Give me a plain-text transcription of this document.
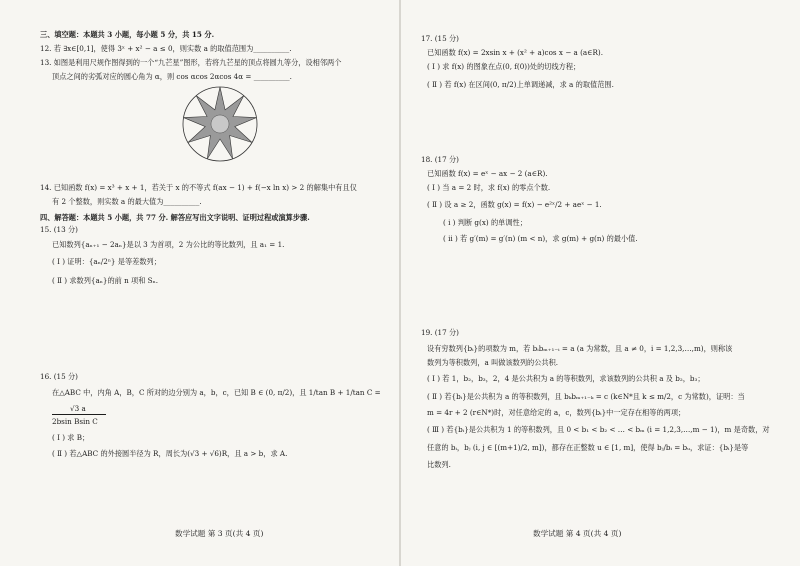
三、填空题：本题共 3 小题，每小题 5 分，共 15 分.
12. 若 ∃x∈[0,1]，使得 3ˣ + x² − a ≤ 0，则实数 a 的取值范围为__________.
13. 如图是利用尺规作图得到的一个“九芒星”图形，若将九芒星的顶点将圆九等分，设相邻两个
顶点之间的劣弧对应的圆心角为 α，则 cos αcos 2αcos 4α = __________.
14. 已知函数 f(x) = x³ + x + 1，若关于 x 的不等式 f(ax − 1) + f(−x ln x) > 2 的解集中有且仅
有 2 个整数，则实数 a 的最大值为__________.
四、解答题：本题共 5 小题，共 77 分. 解答应写出文字说明、证明过程或演算步骤.
15. (13 分)
已知数列{aₙ₊₁ − 2aₙ}是以 3 为首项，2 为公比的等比数列，且 a₁ = 1.
( Ⅰ ) 证明：{aₙ/2ⁿ} 是等差数列；
( Ⅱ ) 求数列{aₙ}的前 n 项和 Sₙ.
16. (15 分)
在△ABC 中，内角 A，B，C 所对的边分别为 a，b，c，已知 B ∈ (0, π/2)，且 1/tan B + 1/tan C =
√3 a
2bsin Bsin C
( Ⅰ ) 求 B；
( Ⅱ ) 若△ABC 的外接圆半径为 R，周长为(√3 + √6)R，且 a > b，求 A.
数学试题 第 3 页(共 4 页)
17. (15 分)
已知函数 f(x) = 2xsin x + (x² + a)cos x − a (a∈R).
( Ⅰ ) 求 f(x) 的图象在点(0, f(0))处的切线方程；
( Ⅱ ) 若 f(x) 在区间(0, π/2)上单调递减，求 a 的取值范围.
18. (17 分)
已知函数 f(x) = eˣ − ax − 2 (a∈R).
( Ⅰ ) 当 a = 2 时，求 f(x) 的零点个数.
( Ⅱ ) 设 a ≥ 2，函数 g(x) = f(x) − e²ˣ/2 + aeˣ − 1.
( ⅰ ) 判断 g(x) 的单调性；
( ⅱ ) 若 g′(m) = g′(n) (m < n)，求 g(m) + g(n) 的最小值.
19. (17 分)
设有穷数列{bᵢ}的项数为 m，若 bᵢbₘ₊₁₋ᵢ = a (a 为常数，且 a ≠ 0，i = 1,2,3,…,m)，则称该
数列为等积数列，a 叫做该数列的公共积.
( Ⅰ ) 若 1，b₂，b₃，2，4 是公共积为 a 的等积数列，求该数列的公共积 a 及 b₂，b₃；
( Ⅱ ) 若{bᵢ}是公共积为 a 的等积数列，且 bₖbₘ₊₁₋ₖ = c (k∈N*且 k ≤ m/2，c 为常数)，证明：当
m = 4r + 2 (r∈N*)时，对任意给定的 a，c，数列{bᵢ}中一定存在相等的两项；
( Ⅲ ) 若{bᵢ}是公共积为 1 的等积数列，且 0 < b₁ < b₂ < … < bₘ (i = 1,2,3,…,m − 1)，m 是奇数，对
任意的 bᵢ，bⱼ (i, j ∈ [(m+1)/2, m])，都存在正整数 u ∈ [1, m]，使得 bⱼ/bᵢ = bᵤ，求证：{bᵢ}是等
比数列.
数学试题 第 4 页(共 4 页)
